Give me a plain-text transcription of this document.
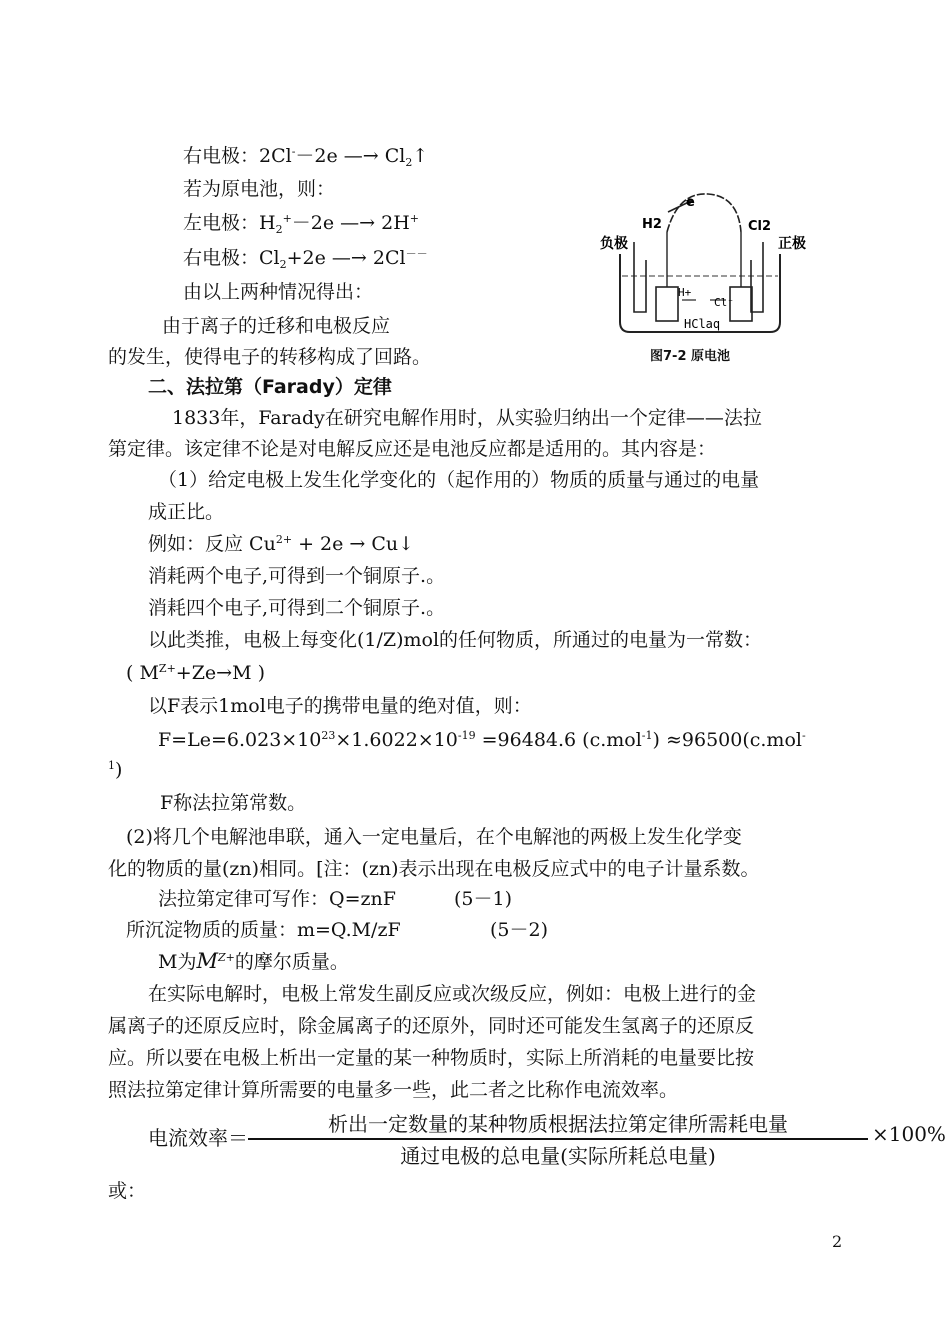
右电极：2Cl-－2e —→ $Cl_2↑$
若为原电池，则：
左电极：$H_2^+-2e$ —→ 2H+
右电极：$Cl_2+2e$ —→ 2Cl－－
由以上两种情况得出：
由于离子的迁移和电极反应
的发生，使得电子的转移构成了回路。
H2	Cl2
e
负极	正极
H+
Cl⁻
HClaq
图7-2 原电池
二、法拉第（Farady）定律
1833年，Farady在研究电解作用时，从实验归纳出一个定律——法拉
第定律。该定律不论是对电解反应还是电池反应都是适用的。其内容是：
（1）给定电极上发生化学变化的（起作用的）物质的质量与通过的电量
成正比。
例如：反应 $Cu^{2+} + 2e$ → Cu↓
消耗两个电子,可得到一个铜原子.。
消耗四个电子,可得到二个铜原子.。
以此类推，电极上每变化(1/Z)mol的任何物质，所通过的电量为一常数：
( $M^{Z+}+Ze\to M$ )
以F表示1mol电子的携带电量的绝对值，则：
$F=Le=6.023\times 10^{23}\times 1.6022\times 10^{-19} =96484.6$ (c.mol$^{-1}$) ≈96500(c.mol-
$^1$)
F称法拉第常数。
(2)将几个电解池串联，通入一定电量后，在个电解池的两极上发生化学变
化的物质的量(zn)相同。[注：(zn)表示出现在电极反应式中的电子计量系数。
法拉第定律可写作：Q=znF	(5－1)
所沉淀物质的质量：m=Q.M/zF	(5－2)
M为$M^{Z+}$的摩尔质量。
在实际电解时，电极上常发生副反应或次级反应，例如：电极上进行的金
属离子的还原反应时，除金属离子的还原外，同时还可能发生氢离子的还原反
应。所以要在电极上析出一定量的某一种物质时，实际上所消耗的电量要比按
照法拉第定律计算所需要的电量多一些，此二者之比称作电流效率。
电流效率＝
析出一定数量的某种物质根据法拉第定律所需耗电量
通过电极的总电量(实际所耗总电量)
×100%
或：
2
